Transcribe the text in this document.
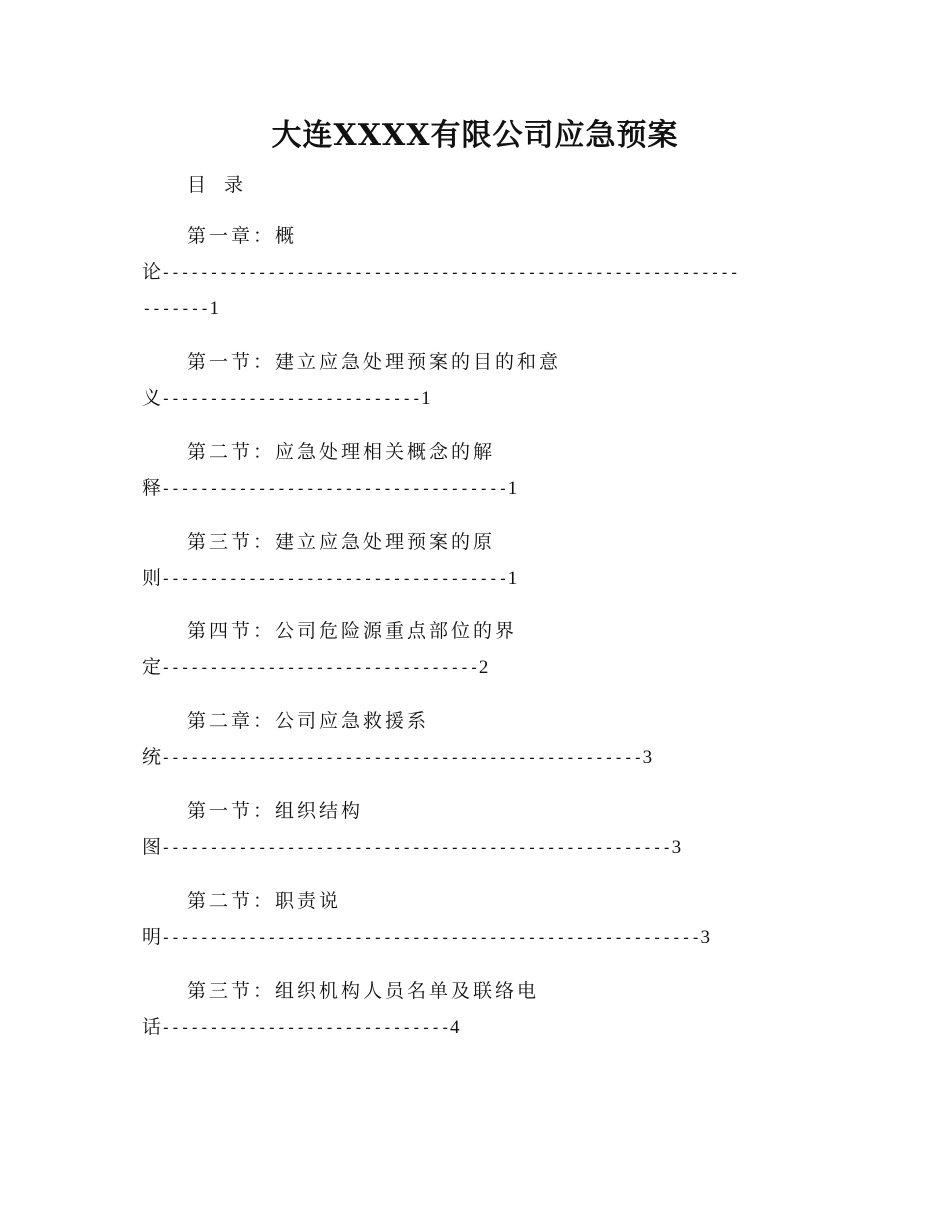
大连XXXX有限公司应急预案
目 录
第一章：概
论------------------------------------------------------------
-------1
第一节：建立应急处理预案的目的和意
义---------------------------1
第二节：应急处理相关概念的解
释------------------------------------1
第三节：建立应急处理预案的原
则------------------------------------1
第四节：公司危险源重点部位的界
定---------------------------------2
第二章：公司应急救援系
统--------------------------------------------------3
第一节：组织结构
图-----------------------------------------------------3
第二节：职责说
明--------------------------------------------------------3
第三节：组织机构人员名单及联络电
话------------------------------4
